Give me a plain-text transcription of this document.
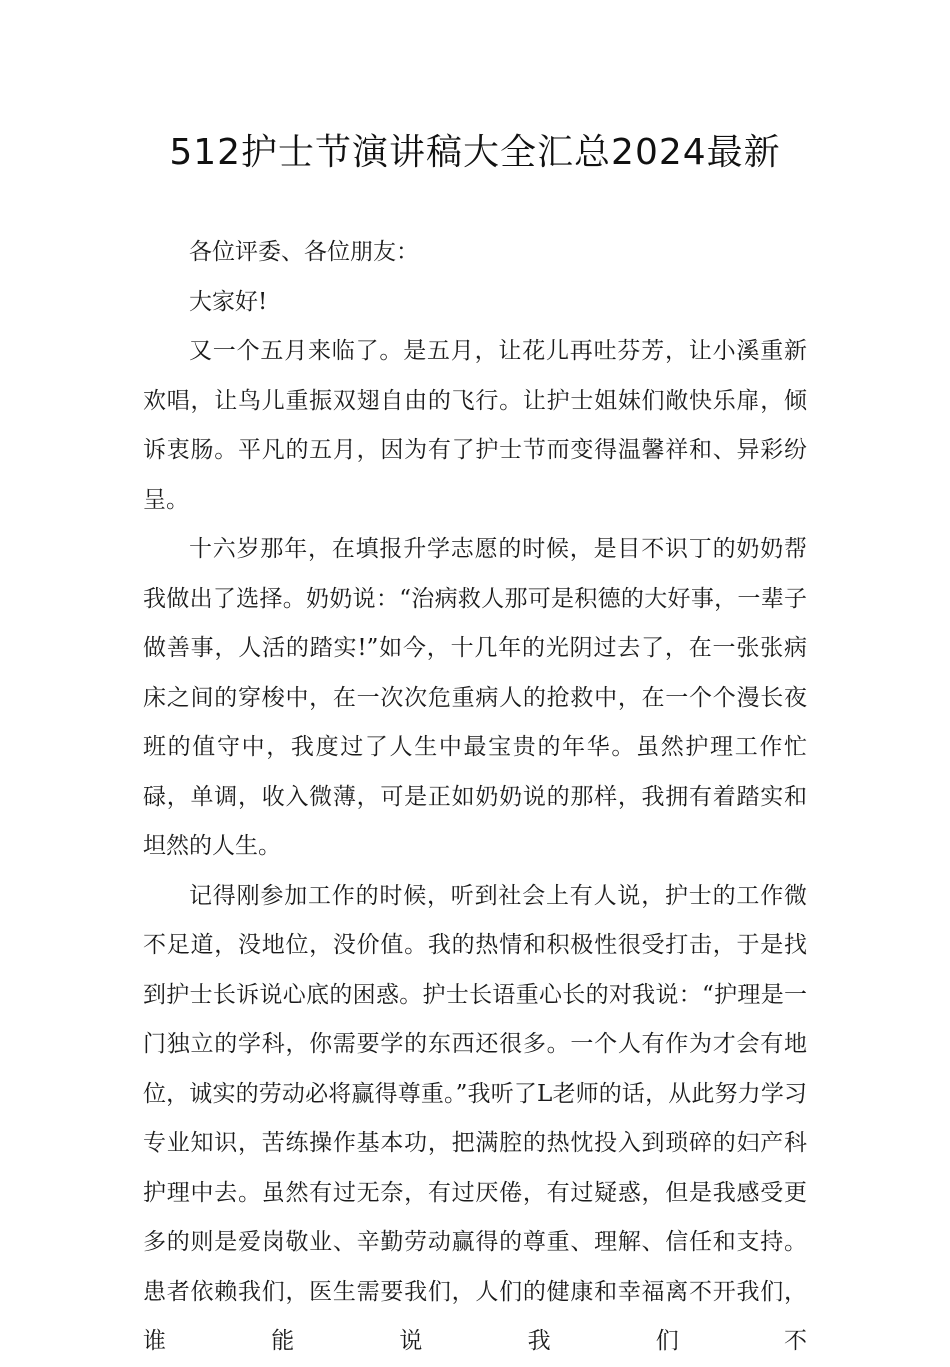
512护士节演讲稿大全汇总2024最新

各位评委、各位朋友：

大家好!

又一个五月来临了。是五月，让花儿再吐芬芳，让小溪重新欢唱，让鸟儿重振双翅自由的飞行。让护士姐妹们敞快乐扉，倾诉衷肠。平凡的五月，因为有了护士节而变得温馨祥和、异彩纷呈。

十六岁那年，在填报升学志愿的时候，是目不识丁的奶奶帮我做出了选择。奶奶说：“治病救人那可是积德的大好事，一辈子做善事，人活的踏实!”如今，十几年的光阴过去了，在一张张病床之间的穿梭中，在一次次危重病人的抢救中，在一个个漫长夜班的值守中，我度过了人生中最宝贵的年华。虽然护理工作忙碌，单调，收入微薄，可是正如奶奶说的那样，我拥有着踏实和坦然的人生。

记得刚参加工作的时候，听到社会上有人说，护士的工作微不足道，没地位，没价值。我的热情和积极性很受打击，于是找到护士长诉说心底的困惑。护士长语重心长的对我说：“护理是一门独立的学科，你需要学的东西还很多。一个人有作为才会有地位，诚实的劳动必将赢得尊重。”我听了L老师的话，从此努力学习专业知识，苦练操作基本功，把满腔的热忱投入到琐碎的妇产科护理中去。虽然有过无奈，有过厌倦，有过疑惑，但是我感受更多的则是爱岗敬业、辛勤劳动赢得的尊重、理解、信任和支持。患者依赖我们，医生需要我们，人们的健康和幸福离不开我们，谁能说我们不
